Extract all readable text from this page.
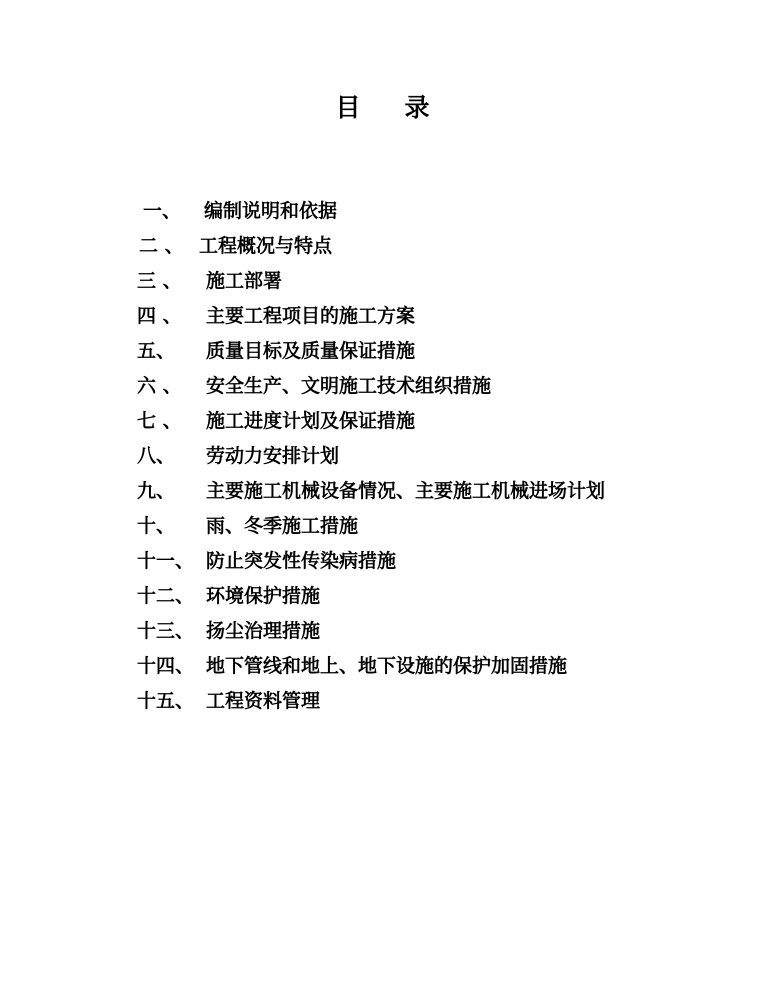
目 录
一、 编制说明和依据
二 、 工程概况与特点
三 、 施工部署
四 、 主要工程项目的施工方案
五、 质量目标及质量保证措施
六 、 安全生产、文明施工技术组织措施
七 、 施工进度计划及保证措施
八、 劳动力安排计划
九、 主要施工机械设备情况、主要施工机械进场计划
十、 雨、冬季施工措施
十一、 防止突发性传染病措施
十二、 环境保护措施
十三、 扬尘治理措施
十四、 地下管线和地上、地下设施的保护加固措施
十五、 工程资料管理
